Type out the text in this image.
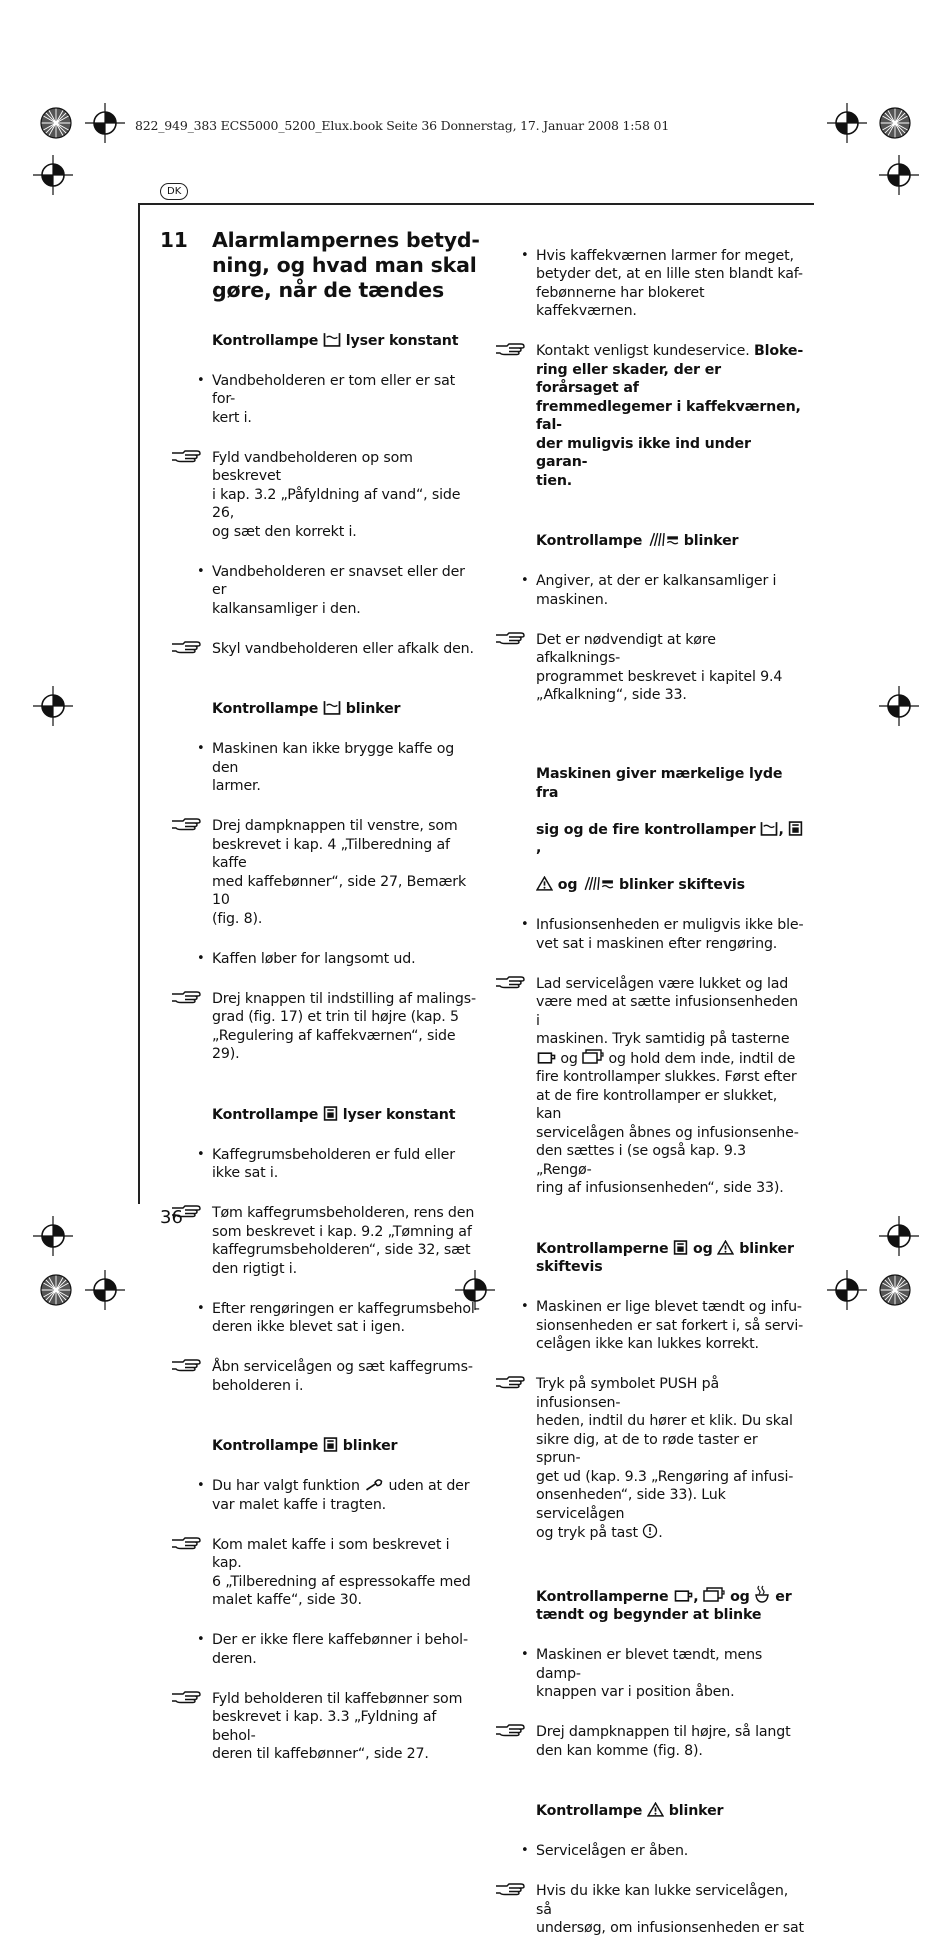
822_949_383 ECS5000_5200_Elux.book Seite 36 Donnerstag, 17. Januar 2008 1:58 01
DK
11 Alarmlampernes betyd-
ning, og hvad man skal
gøre, når de tændes

Kontrollampe lyser konstant

• Vandbeholderen er tom eller er sat for-
kert i.

Fyld vandbeholderen op som beskrevet
i kap. 3.2 „Påfyldning af vand“, side 26,
og sæt den korrekt i.

• Vandbeholderen er snavset eller der er
kalkansamliger i den.

Skyl vandbeholderen eller afkalk den.

Kontrollampe blinker

• Maskinen kan ikke brygge kaffe og den
larmer.

Drej dampknappen til venstre, som
beskrevet i kap. 4 „Tilberedning af kaffe
med kaffebønner“, side 27, Bemærk 10
(fig. 8).

• Kaffen løber for langsomt ud.

Drej knappen til indstilling af malings-
grad (fig. 17) et trin til højre (kap. 5
„Regulering af kaffekværnen“, side 29).

Kontrollampe lyser konstant

• Kaffegrumsbeholderen er fuld eller
ikke sat i.

Tøm kaffegrumsbeholderen, rens den
som beskrevet i kap. 9.2 „Tømning af
kaffegrumsbeholderen“, side 32, sæt
den rigtigt i.

• Efter rengøringen er kaffegrumsbehol-
deren ikke blevet sat i igen.

Åbn servicelågen og sæt kaffegrums-
beholderen i.

Kontrollampe blinker

• Du har valgt funktion  uden at der
var malet kaffe i tragten.

Kom malet kaffe i som beskrevet i kap.
6 „Tilberedning af espressokaffe med
malet kaffe“, side 30.

• Der er ikke flere kaffebønner i behol-
deren.

Fyld beholderen til kaffebønner som
beskrevet i kap. 3.3 „Fyldning af behol-
deren til kaffebønner“, side 27.

• Hvis kaffekværnen larmer for meget,
betyder det, at en lille sten blandt kaf-
febønnerne har blokeret kaffekværnen.

Kontakt venligst kundeservice. Bloke-
ring eller skader, der er forårsaget af
fremmedlegemer i kaffekværnen, fal-
der muligvis ikke ind under garan-
tien.

Kontrollampe	blinker

• Angiver, at der er kalkansamliger i
maskinen.

Det er nødvendigt at køre afkalknings-
programmet beskrevet i kapitel 9.4
„Afkalkning“, side 33.

Maskinen giver mærkelige lyde fra

sig og de fire kontrollamper , ,

og	blinker skiftevis

• Infusionsenheden er muligvis ikke ble-
vet sat i maskinen efter rengøring.

Lad servicelågen være lukket og lad
være med at sætte infusionsenheden i
maskinen. Tryk samtidig på tasterne
og og hold dem inde, indtil de
fire kontrollamper slukkes. Først efter
at de fire kontrollamper er slukket, kan
servicelågen åbnes og infusionsenhe-
den sættes i (se også kap. 9.3 „Rengø-
ring af infusionsenheden“, side 33).

Kontrollamperne og blinker
skiftevis

• Maskinen er lige blevet tændt og infu-
sionsenheden er sat forkert i, så servi-
celågen ikke kan lukkes korrekt.

Tryk på symbolet PUSH på infusionsen-
heden, indtil du hører et klik. Du skal
sikre dig, at de to røde taster er sprun-
get ud (kap. 9.3 „Rengøring af infusi-
onsenheden“, side 33). Luk servicelågen
og tryk på tast .

Kontrollamperne ,  og er
tændt og begynder at blinke

• Maskinen er blevet tændt, mens damp-
knappen var i position åben.

Drej dampknappen til højre, så langt
den kan komme (fig. 8).

Kontrollampe blinker

• Servicelågen er åben.

Hvis du ikke kan lukke servicelågen, så
undersøg, om infusionsenheden er sat

36
